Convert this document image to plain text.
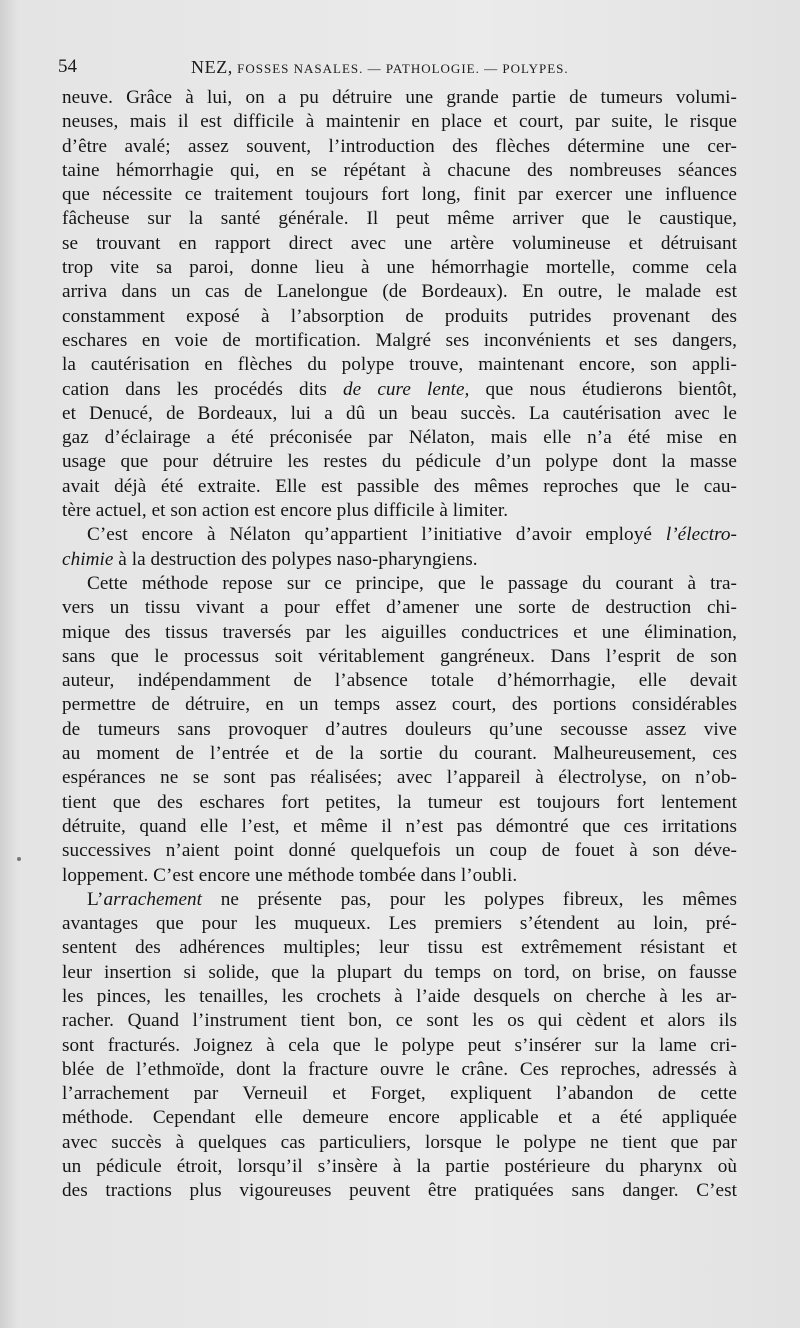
54	NEZ, FOSSES NASALES. — PATHOLOGIE. — POLYPES.
neuve. Grâce à lui, on a pu détruire une grande partie de tumeurs volumi-
neuses, mais il est difficile à maintenir en place et court, par suite, le risque
d’être avalé; assez souvent, l’introduction des flèches détermine une cer-
taine hémorrhagie qui, en se répétant à chacune des nombreuses séances
que nécessite ce traitement toujours fort long, finit par exercer une influence
fâcheuse sur la santé générale. Il peut même arriver que le caustique,
se trouvant en rapport direct avec une artère volumineuse et détruisant
trop vite sa paroi, donne lieu à une hémorrhagie mortelle, comme cela
arriva dans un cas de Lanelongue (de Bordeaux). En outre, le malade est
constamment exposé à l’absorption de produits putrides provenant des
eschares en voie de mortification. Malgré ses inconvénients et ses dangers,
la cautérisation en flèches du polype trouve, maintenant encore, son appli-
cation dans les procédés dits de cure lente, que nous étudierons bientôt,
et Denucé, de Bordeaux, lui a dû un beau succès. La cautérisation avec le
gaz d’éclairage a été préconisée par Nélaton, mais elle n’a été mise en
usage que pour détruire les restes du pédicule d’un polype dont la masse
avait déjà été extraite. Elle est passible des mêmes reproches que le cau-
tère actuel, et son action est encore plus difficile à limiter.
C’est encore à Nélaton qu’appartient l’initiative d’avoir employé l’électro-
chimie à la destruction des polypes naso-pharyngiens.
Cette méthode repose sur ce principe, que le passage du courant à tra-
vers un tissu vivant a pour effet d’amener une sorte de destruction chi-
mique des tissus traversés par les aiguilles conductrices et une élimination,
sans que le processus soit véritablement gangréneux. Dans l’esprit de son
auteur, indépendamment de l’absence totale d’hémorrhagie, elle devait
permettre de détruire, en un temps assez court, des portions considérables
de tumeurs sans provoquer d’autres douleurs qu’une secousse assez vive
au moment de l’entrée et de la sortie du courant. Malheureusement, ces
espérances ne se sont pas réalisées; avec l’appareil à électrolyse, on n’ob-
tient que des eschares fort petites, la tumeur est toujours fort lentement
détruite, quand elle l’est, et même il n’est pas démontré que ces irritations
successives n’aient point donné quelquefois un coup de fouet à son déve-
loppement. C’est encore une méthode tombée dans l’oubli.
L’arrachement ne présente pas, pour les polypes fibreux, les mêmes
avantages que pour les muqueux. Les premiers s’étendent au loin, pré-
sentent des adhérences multiples; leur tissu est extrêmement résistant et
leur insertion si solide, que la plupart du temps on tord, on brise, on fausse
les pinces, les tenailles, les crochets à l’aide desquels on cherche à les ar-
racher. Quand l’instrument tient bon, ce sont les os qui cèdent et alors ils
sont fracturés. Joignez à cela que le polype peut s’insérer sur la lame cri-
blée de l’ethmoïde, dont la fracture ouvre le crâne. Ces reproches, adressés à
l’arrachement par Verneuil et Forget, expliquent l’abandon de cette
méthode. Cependant elle demeure encore applicable et a été appliquée
avec succès à quelques cas particuliers, lorsque le polype ne tient que par
un pédicule étroit, lorsqu’il s’insère à la partie postérieure du pharynx où
des tractions plus vigoureuses peuvent être pratiquées sans danger. C’est
